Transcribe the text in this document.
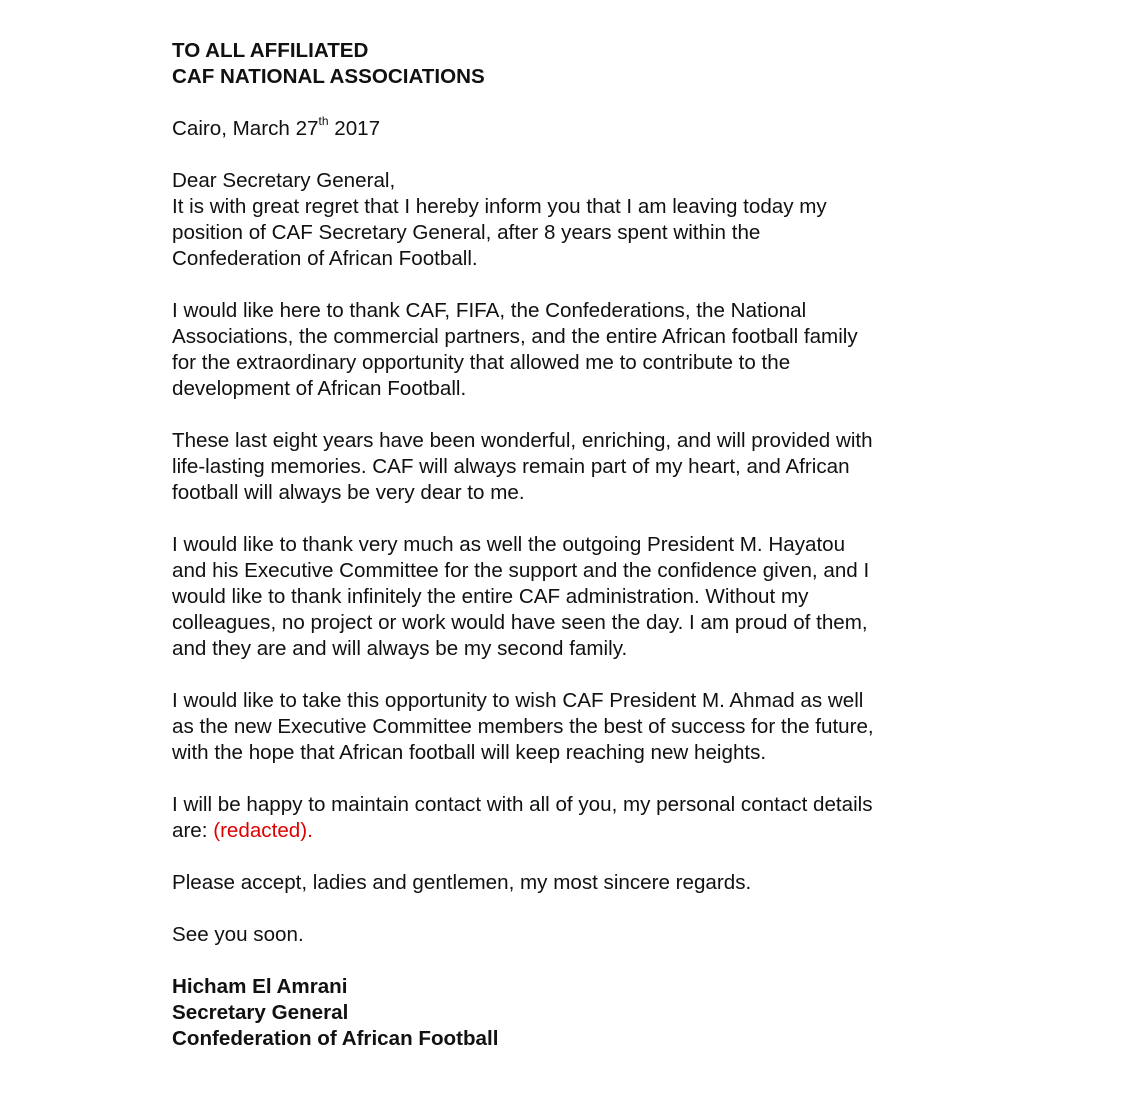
TO ALL AFFILIATED
CAF NATIONAL ASSOCIATIONS

Cairo, March 27th 2017

Dear Secretary General,

It is with great regret that I hereby inform you that I am leaving today my
position of CAF Secretary General, after 8 years spent within the
Confederation of African Football.

I would like here to thank CAF, FIFA, the Confederations, the National
Associations, the commercial partners, and the entire African football family
for the extraordinary opportunity that allowed me to contribute to the
development of African Football.

These last eight years have been wonderful, enriching, and will provided with
life-lasting memories. CAF will always remain part of my heart, and African
football will always be very dear to me.

I would like to thank very much as well the outgoing President M. Hayatou
and his Executive Committee for the support and the confidence given, and I
would like to thank infinitely the entire CAF administration. Without my
colleagues, no project or work would have seen the day. I am proud of them,
and they are and will always be my second family.

I would like to take this opportunity to wish CAF President M. Ahmad as well
as the new Executive Committee members the best of success for the future,
with the hope that African football will keep reaching new heights.

I will be happy to maintain contact with all of you, my personal contact details
are: (redacted).

Please accept, ladies and gentlemen, my most sincere regards.

See you soon.

Hicham El Amrani
Secretary General
Confederation of African Football
